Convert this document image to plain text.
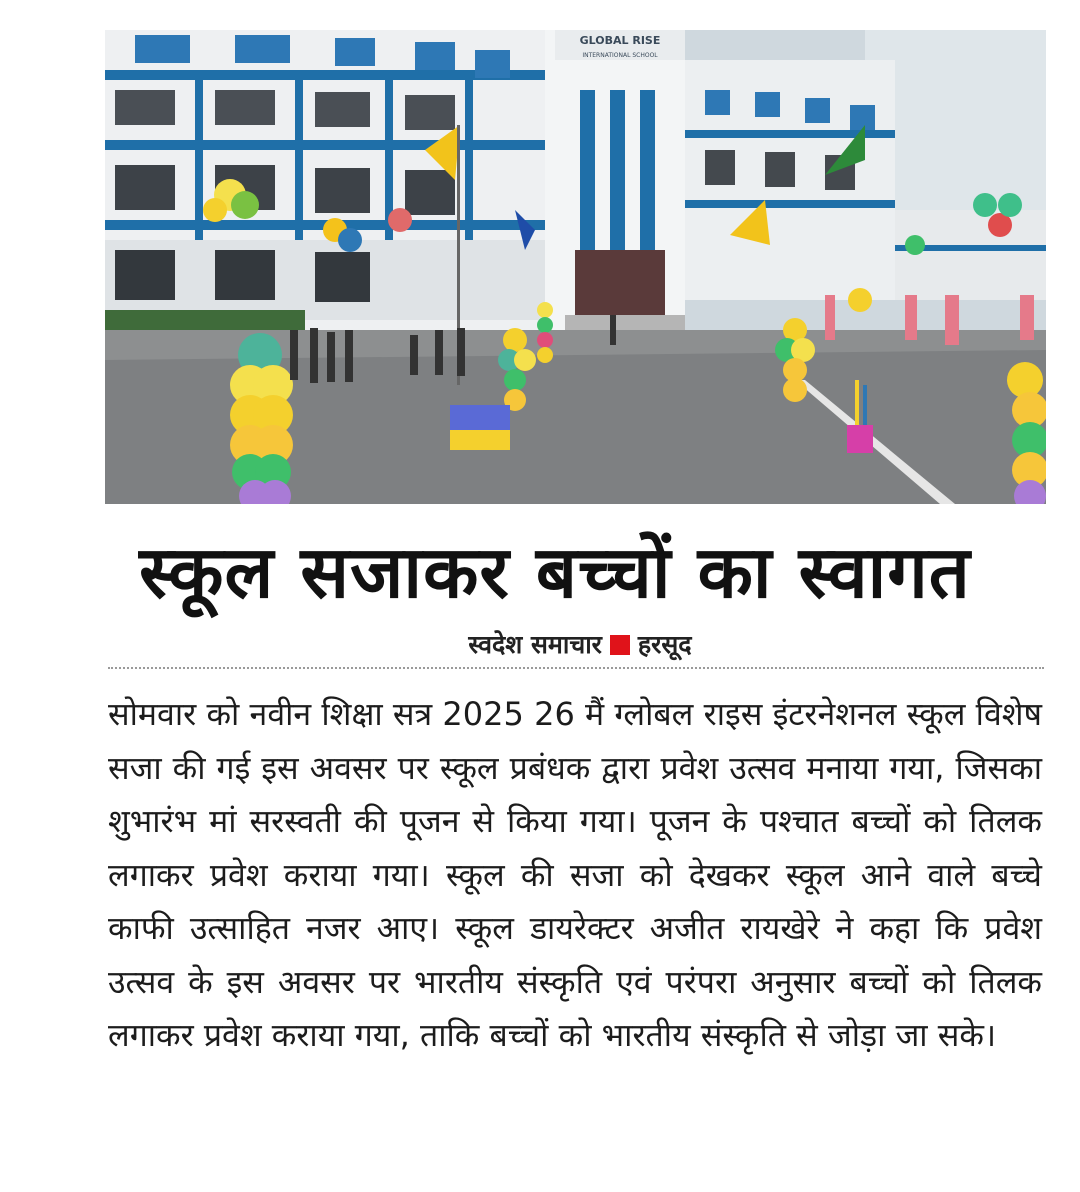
GLOBAL RISE
INTERNATIONAL SCHOOL
स्कूल सजाकर बच्चों का स्वागत
स्वदेश समाचार हरसूद
सोमवार को नवीन शिक्षा सत्र 2025 26 मैं ग्लोबल राइस इंटरनेशनल स्कूल विशेष सजा की गई इस अवसर पर स्कूल प्रबंधक द्वारा प्रवेश उत्सव मनाया गया, जिसका शुभारंभ मां सरस्वती की पूजन से किया गया। पूजन के पश्चात बच्चों को तिलक लगाकर प्रवेश कराया गया। स्कूल की सजा को देखकर स्कूल आने वाले बच्चे काफी उत्साहित नजर आए। स्कूल डायरेक्टर अजीत रायखेरे ने कहा कि प्रवेश उत्सव के इस अवसर पर भारतीय संस्कृति एवं परंपरा अनुसार बच्चों को तिलक लगाकर प्रवेश कराया गया, ताकि बच्चों को भारतीय संस्कृति से जोड़ा जा सके।
